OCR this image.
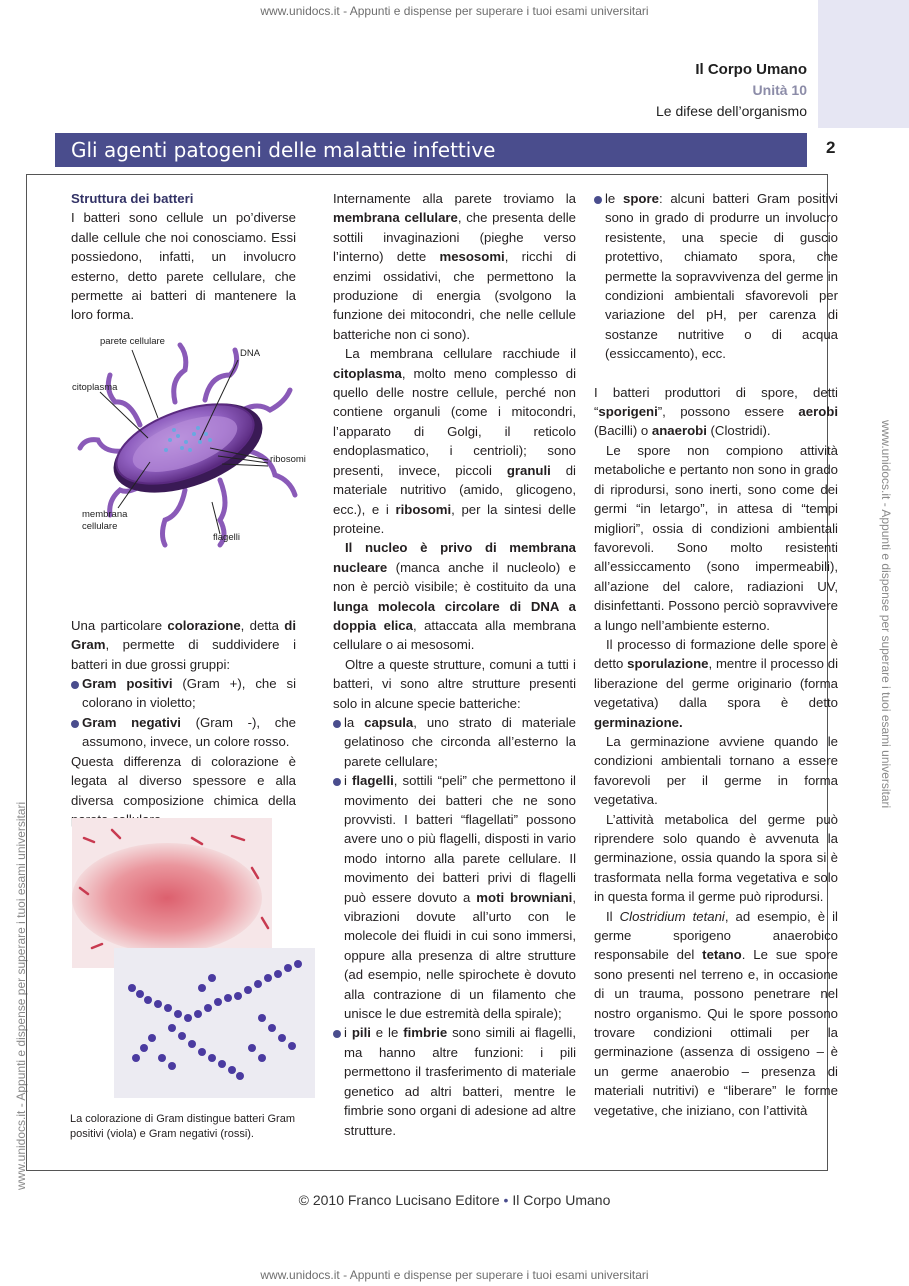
www.unidocs.it - Appunti e dispense per superare i tuoi esami universitari
www.unidocs.it - Appunti e dispense per superare i tuoi esami universitari
www.unidocs.it - Appunti e dispense per superare i tuoi esami universitari
www.unidocs.it - Appunti e dispense per superare i tuoi esami universitari
Il Corpo Umano
Unità 10
Le difese dell’organismo
Gli agenti patogeni delle malattie infettive	2

Struttura dei batteri

I batteri sono cellule un po’diverse dalle cellule che noi conosciamo. Essi possiedono, infatti, un involucro esterno, detto parete cellulare, che permette ai batteri di mantenere la loro forma.

Una particolare colorazione, detta di Gram, permette di suddividere i batteri in due grossi gruppi:

Gram positivi (Gram +), che si colorano in violetto;

Gram negativi (Gram -), che assumono, invece, un colore rosso.

Questa differenza di colorazione è legata al diverso spessore e alla diversa composizione chimica della

parete cellulare
DNA
citoplasma
ribosomi
membrana
cellulare
flagelli
La colorazione di Gram distingue batteri Gram positivi (viola) e Gram negativi (rossi).

Internamente alla parete troviamo la membrana cellulare, che presenta delle sottili invaginazioni (pieghe verso l’interno) dette mesosomi, ricchi di enzimi ossidativi, che permettono la produzione di energia (svolgono la funzione dei mitocondri, che nelle cellule batteriche non ci sono).

La membrana cellulare racchiude il citoplasma, molto meno complesso di quello delle nostre cellule, perché non contiene organuli (come i mitocondri, l’apparato di Golgi, il reticolo endoplasmatico, i centrioli); sono presenti, invece, piccoli granuli di materiale nutritivo (amido, glicogeno, ecc.), e i ribosomi, per la sintesi delle proteine.

Il nucleo è privo di membrana nucleare (manca anche il nucleolo) e non è perciò visibile; è costituito da una lunga molecola circolare di DNA a doppia elica, attaccata alla membrana cellulare o ai mesosomi.

Oltre a queste strutture, comuni a tutti i batteri, vi sono altre strutture presenti solo in alcune specie batteriche:

la capsula, uno strato di materiale gelatinoso che circonda all’esterno la parete cellulare;

i flagelli, sottili “peli” che permettono il movimento dei batteri che ne sono provvisti. I batteri “flagellati” possono avere uno o più flagelli, disposti in vario modo intorno alla parete cellulare. Il movimento dei batteri privi di flagelli può essere dovuto a moti browniani, vibrazioni dovute all’urto con le molecole dei fluidi in cui sono immersi, oppure alla presenza di altre strutture (ad esempio, nelle spirochete è dovuto alla contrazione di un filamento che unisce le due estremità della spirale);

i pili e le fimbrie sono simili ai flagelli, ma hanno altre funzioni: i pili permettono il trasferimento di materiale genetico ad altri batteri, mentre le fimbrie sono organi di adesione ad altre strutture.

le spore: alcuni batteri Gram positivi sono in grado di produrre un involucro resistente, una specie di guscio protettivo, chiamato spora, che permette la sopravvivenza del germe in condizioni ambientali sfavorevoli per variazione del pH, per carenza di sostanze nutritive o di acqua (essiccamento), ecc.

I batteri produttori di spore, detti “sporigeni”, possono essere aerobi (Bacilli) o anaerobi (Clostridi).

Le spore non compiono attività metaboliche e pertanto non sono in grado di riprodursi, sono inerti, sono come dei germi “in letargo”, in attesa di “tempi migliori”, ossia di condizioni ambientali favorevoli. Sono molto resistenti all’essiccamento (sono impermeabili), all’azione del calore, radiazioni UV, disinfettanti. Possono perciò sopravvivere a lungo nell’ambiente esterno.

Il processo di formazione delle spore è detto sporulazione, mentre il processo di liberazione del germe originario (forma vegetativa) dalla spora è detto germinazione.

La germinazione avviene quando le condizioni ambientali tornano a essere favorevoli per il germe in forma vegetativa.

L’attività metabolica del germe può riprendere solo quando è avvenuta la germinazione, ossia quando la spora si è trasformata nella forma vegetativa e solo in questa forma il germe può riprodursi.

Il Clostridium tetani, ad esempio, è il germe sporigeno anaerobico responsabile del tetano. Le sue spore sono presenti nel terreno e, in occasione di un trauma, possono penetrare nel nostro organismo. Qui le spore possono trovare condizioni ottimali per la germinazione (assenza di ossigeno – è un germe anaerobio – presenza di materiali nutritivi) e “liberare” le forme vegetative, che iniziano, con l’attività

© 2010 Franco Lucisano Editore • Il Corpo Umano
